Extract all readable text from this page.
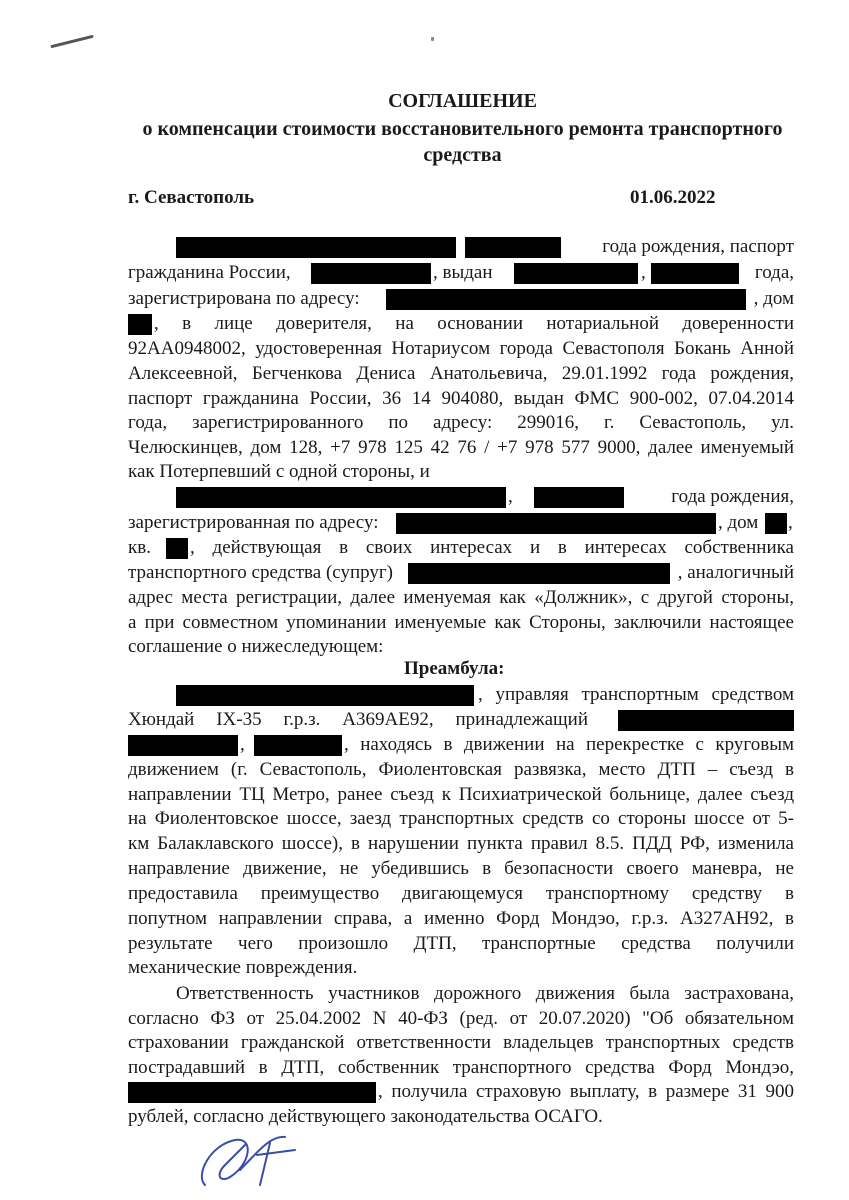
СОГЛАШЕНИЕ
о компенсации стоимости восстановительного ремонта транспортного
средства
г. Севастополь	01.06.2022
года рождения, паспорт
гражданина России,	, выдан	,	года,
зарегистрирована по адресу:	, дом
, в лице доверителя, на основании нотариальной доверенности
92АА0948002, удостоверенная Нотариусом города Севастополя Бокань Анной
Алексеевной, Бегченкова Дениса Анатольевича, 29.01.1992 года рождения,
паспорт гражданина России, 36 14 904080, выдан ФМС 900-002, 07.04.2014
года, зарегистрированного по адресу: 299016, г. Севастополь, ул.
Челюскинцев, дом 128, +7 978 125 42 76 / +7 978 577 9000, далее именуемый
как Потерпевший с одной стороны, и
,	года рождения,
зарегистрированная по адресу:	, дом ,
кв. , действующая в своих интересах и в интересах собственника
транспортного средства (супруг)	, аналогичный
адрес места регистрации, далее именуемая как «Должник», с другой стороны,
а при совместном упоминании именуемые как Стороны, заключили настоящее
соглашение о нижеследующем:
Преамбула:
, управляя транспортным средством
Хюндай IX-35 г.р.з. А369АЕ92, принадлежащий
,	, находясь в движении на перекрестке с круговым
движением (г. Севастополь, Фиолентовская развязка, место ДТП – съезд в
направлении ТЦ Метро, ранее съезд к Психиатрической больнице, далее съезд
на Фиолентовское шоссе, заезд транспортных средств со стороны шоссе от 5-
км Балаклавского шоссе), в нарушении пункта правил 8.5. ПДД РФ, изменила
направление движение, не убедившись в безопасности своего маневра, не
предоставила преимущество двигающемуся транспортному средству в
попутном направлении справа, а именно Форд Мондэо, г.р.з. А327АН92, в
результате чего произошло ДТП, транспортные средства получили
механические повреждения.
Ответственность участников дорожного движения была застрахована,
согласно ФЗ от 25.04.2002 N 40-ФЗ (ред. от 20.07.2020) "Об обязательном
страховании гражданской ответственности владельцев транспортных средств
пострадавший в ДТП, собственник транспортного средства Форд Мондэо,
, получила страховую выплату, в размере 31 900
рублей, согласно действующего законодательства ОСАГО.
